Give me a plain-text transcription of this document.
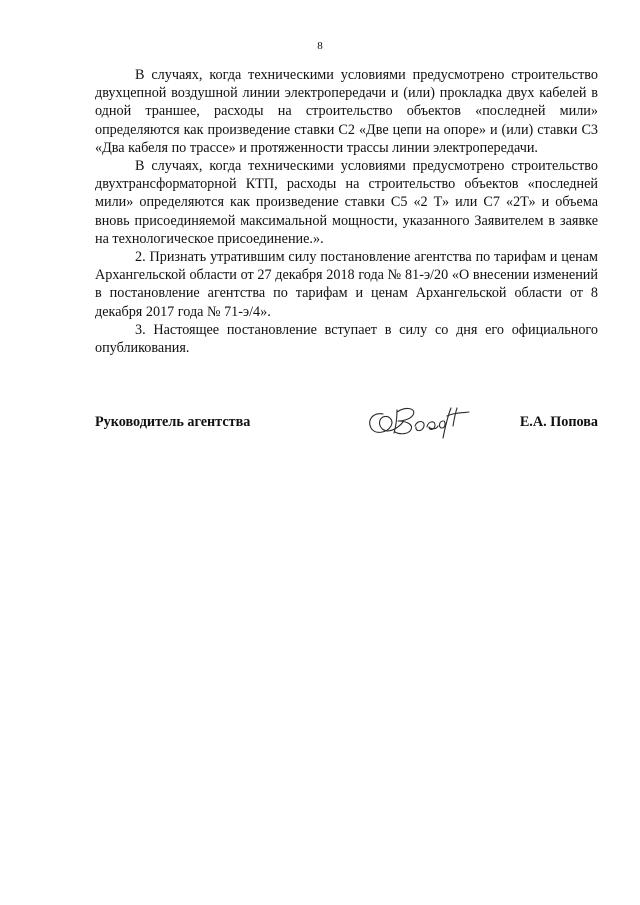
8

В случаях, когда техническими условиями предусмотрено строительство двухцепной воздушной линии электропередачи и (или) прокладка двух кабелей в одной траншее, расходы на строительство объектов «последней мили» определяются как произведение ставки С2 «Две цепи на опоре» и (или) ставки С3 «Два кабеля по трассе» и протяженности трассы линии электропередачи.

В случаях, когда техническими условиями предусмотрено строительство двухтрансформаторной КТП, расходы на строительство объектов «последней мили» определяются как произведение ставки С5 «2 Т» или С7 «2Т» и объема вновь присоединяемой максимальной мощности, указанного Заявителем в заявке на технологическое присоединение.».

2. Признать утратившим силу постановление агентства по тарифам и ценам Архангельской области от 27 декабря 2018 года № 81-э/20 «О внесении изменений в постановление агентства по тарифам и ценам Архангельской области от 8 декабря 2017 года № 71-э/4».

3. Настоящее постановление вступает в силу со дня его официального опубликования.

Руководитель агентства	Е.А. Попова
